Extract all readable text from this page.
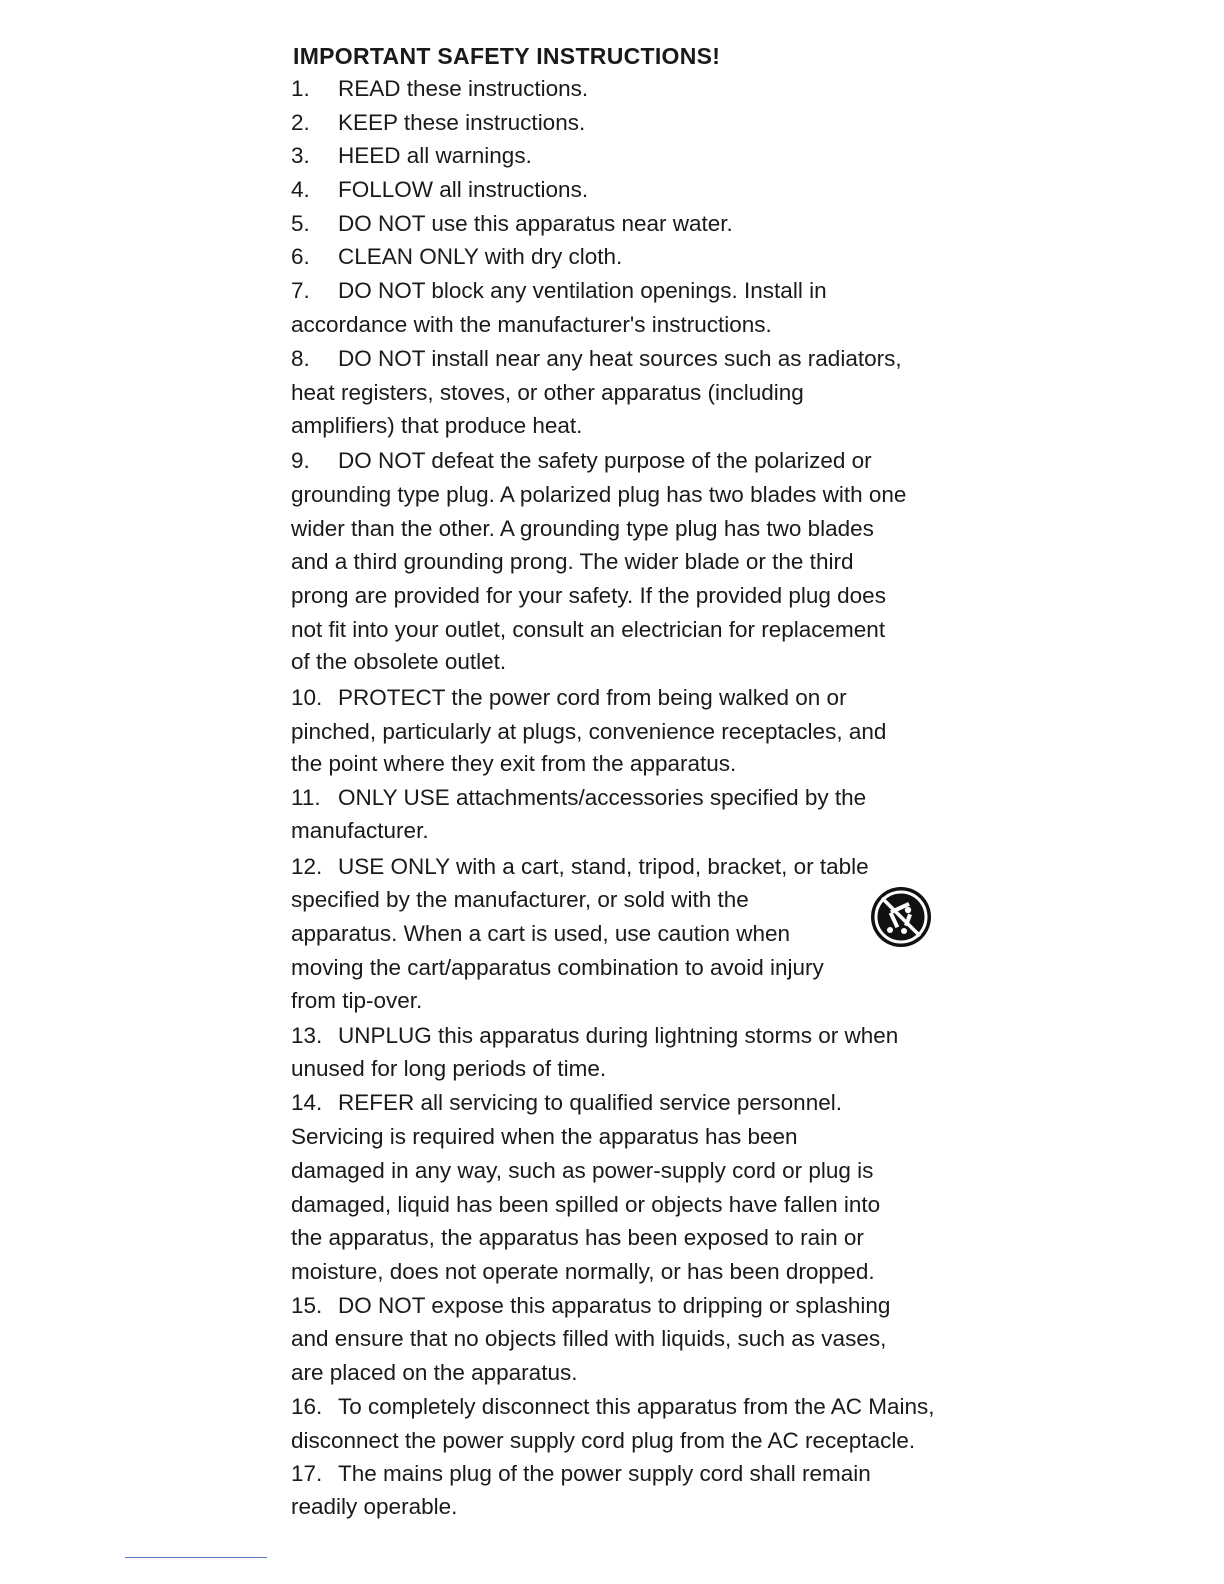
IMPORTANT SAFETY INSTRUCTIONS!
1. READ these instructions.
2. KEEP these instructions.
3. HEED all warnings.
4. FOLLOW all instructions.
5. DO NOT use this apparatus near water.
6. CLEAN ONLY with dry cloth.
7. DO NOT block any ventilation openings. Install in
accordance with the manufacturer's instructions.
8. DO NOT install near any heat sources such as radiators,
heat registers, stoves, or other apparatus (including
amplifiers) that produce heat.
9. DO NOT defeat the safety purpose of the polarized or
grounding type plug. A polarized plug has two blades with one
wider than the other. A grounding type plug has two blades
and a third grounding prong. The wider blade or the third
prong are provided for your safety. If the provided plug does
not fit into your outlet, consult an electrician for replacement
of the obsolete outlet.
10. PROTECT the power cord from being walked on or
pinched, particularly at plugs, convenience receptacles, and
the point where they exit from the apparatus.
11. ONLY USE attachments/accessories specified by the
manufacturer.
12. USE ONLY with a cart, stand, tripod, bracket, or table
specified by the manufacturer, or sold with the
apparatus. When a cart is used, use caution when
moving the cart/apparatus combination to avoid injury
from tip-over.
13. UNPLUG this apparatus during lightning storms or when
unused for long periods of time.
14. REFER all servicing to qualified service personnel.
Servicing is required when the apparatus has been
damaged in any way, such as power-supply cord or plug is
damaged, liquid has been spilled or objects have fallen into
the apparatus, the apparatus has been exposed to rain or
moisture, does not operate normally, or has been dropped.
15. DO NOT expose this apparatus to dripping or splashing
and ensure that no objects filled with liquids, such as vases,
are placed on the apparatus.
16. To completely disconnect this apparatus from the AC Mains,
disconnect the power supply cord plug from the AC receptacle.
17. The mains plug of the power supply cord shall remain
readily operable.
